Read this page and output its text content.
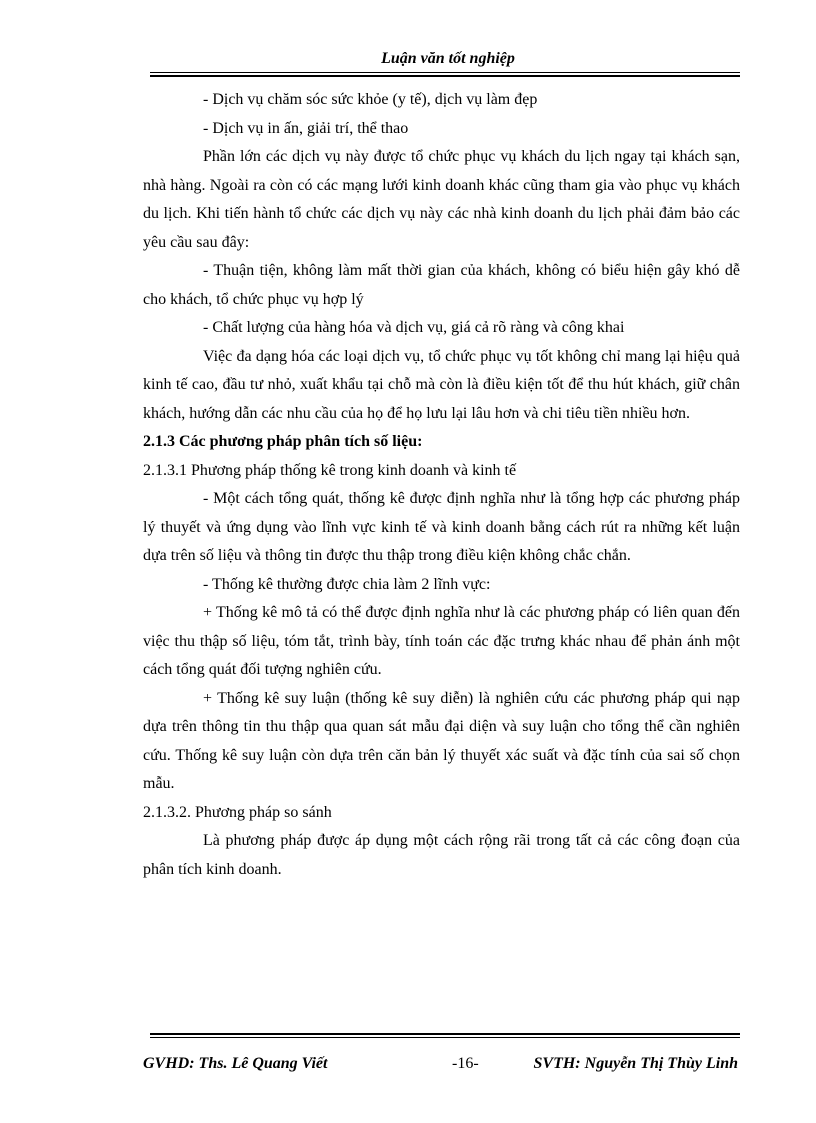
Luận văn tốt nghiệp

- Dịch vụ chăm sóc sức khỏe (y tế), dịch vụ làm đẹp

- Dịch vụ in ấn, giải trí, thể thao

Phần lớn các dịch vụ này được tổ chức phục vụ khách du lịch ngay tại khách sạn, nhà hàng. Ngoài ra còn có các mạng lưới kinh doanh khác cũng tham gia vào phục vụ khách du lịch. Khi tiến hành tổ chức các dịch vụ này các nhà kinh doanh du lịch phải đảm bảo các yêu cầu sau đây:

- Thuận tiện, không làm mất thời gian của khách, không có biểu hiện gây khó dễ cho khách, tổ chức phục vụ hợp lý

- Chất lượng của hàng hóa và dịch vụ, giá cả rõ ràng và công khai

Việc đa dạng hóa các loại dịch vụ, tổ chức phục vụ tốt không chỉ mang lại hiệu quả kinh tế cao, đầu tư nhỏ, xuất khẩu tại chỗ mà còn là điều kiện tốt để thu hút khách, giữ chân khách, hướng dẫn các nhu cầu của họ để họ lưu lại lâu hơn và chi tiêu tiền nhiều hơn.

2.1.3 Các phương pháp phân tích số liệu:

2.1.3.1 Phương pháp thống kê trong kinh doanh và kinh tế

- Một cách tổng quát, thống kê được định nghĩa như là tổng hợp các phương pháp lý thuyết và ứng dụng vào lĩnh vực kinh tế và kinh doanh bằng cách rút ra những kết luận dựa trên số liệu và thông tin được thu thập trong điều kiện không chắc chắn.

- Thống kê thường được chia làm 2 lĩnh vực:

+ Thống kê mô tả có thể được định nghĩa như là các phương pháp có liên quan đến việc thu thập số liệu, tóm tắt, trình bày, tính toán các đặc trưng khác nhau để phản ánh một cách tổng quát đối tượng nghiên cứu.

+ Thống kê suy luận (thống kê suy diễn) là nghiên cứu các phương pháp qui nạp dựa trên thông tin thu thập qua quan sát mẫu đại diện và suy luận cho tổng thể cần nghiên cứu. Thống kê suy luận còn dựa trên căn bản lý thuyết xác suất và đặc tính của sai số chọn mẫu.

2.1.3.2. Phương pháp so sánh

Là phương pháp được áp dụng một cách rộng rãi trong tất cả các công đoạn của phân tích kinh doanh.

GVHD: Ths. Lê Quang Viết	-16-	SVTH: Nguyễn Thị Thùy Linh
